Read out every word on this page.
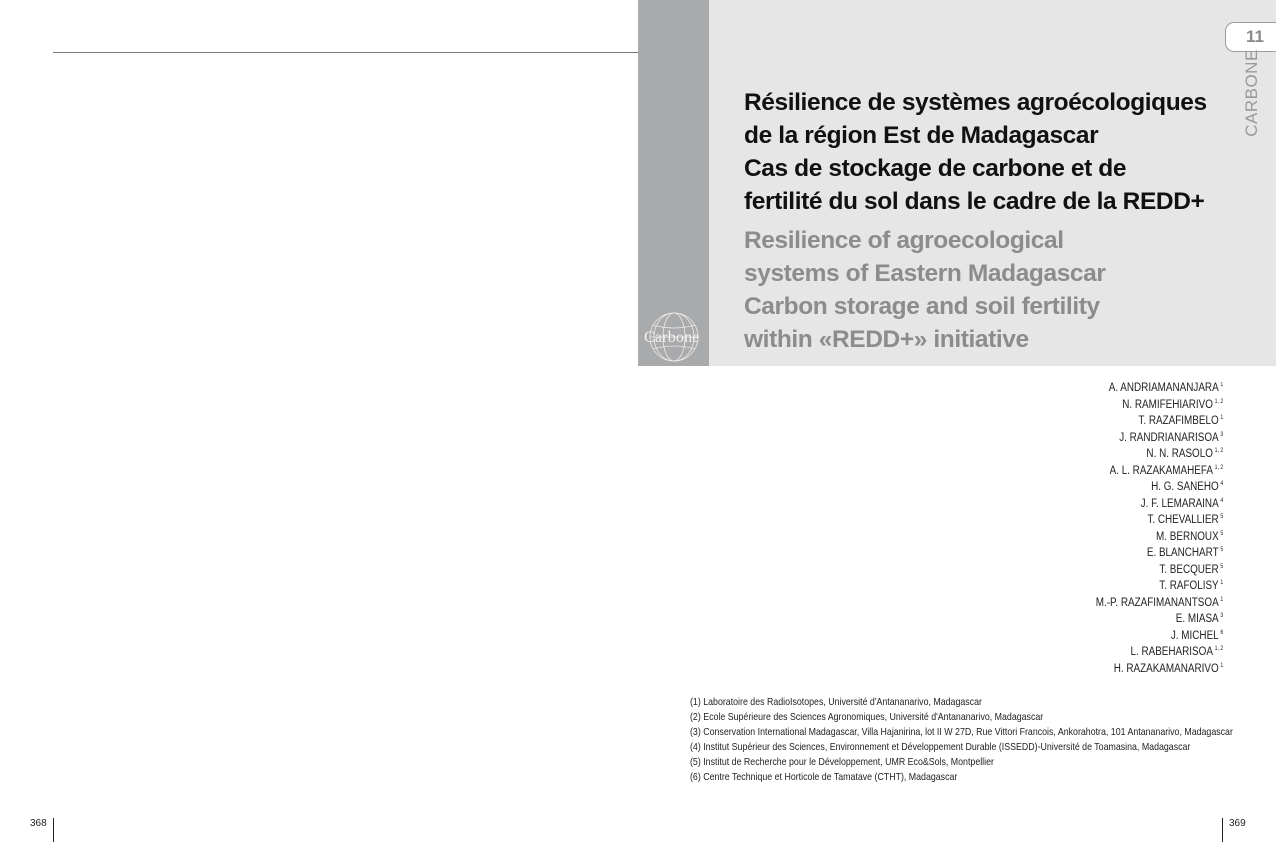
Carbone
11
CARBONE
Résilience de systèmes agroécologiques
de la région Est de Madagascar
Cas de stockage de carbone et de
fertilité du sol dans le cadre de la REDD+
Resilience of agroecological
systems of Eastern Madagascar
Carbon storage and soil fertility
within «REDD+» initiative
A. ANDRIAMANANJARA $^1$
N. RAMIFEHIARIVO $^{1, 2}$
T. RAZAFIMBELO $^1$
J. RANDRIANARISOA $^3$
N. N. RASOLO $^{1, 2}$
A. L. RAZAKAMAHEFA $^{1, 2}$
H. G. SANEHO $^4$
J. F. LEMARAINA $^4$
T. CHEVALLIER $^5$
M. BERNOUX $^5$
E. BLANCHART $^5$
T. BECQUER $^5$
T. RAFOLISY $^1$
M.-P. RAZAFIMANANTSOA $^1$
E. MIASA $^3$
J. MICHEL $^6$
L. RABEHARISOA $^{1, 2}$
H. RAZAKAMANARIVO $^1$
(1) Laboratoire des RadioIsotopes, Université d'Antananarivo, Madagascar
(2) Ecole Supérieure des Sciences Agronomiques, Université d'Antananarivo, Madagascar
(3) Conservation International Madagascar, Villa Hajanirina, lot II W 27D, Rue Vittori Francois, Ankorahotra, 101 Antananarivo, Madagascar
(4) Institut Supérieur des Sciences, Environnement et Développement Durable (ISSEDD)-Université de Toamasina, Madagascar
(5) Institut de Recherche pour le Développement, UMR Eco&Sols, Montpellier
(6) Centre Technique et Horticole de Tamatave (CTHT), Madagascar
368	369
